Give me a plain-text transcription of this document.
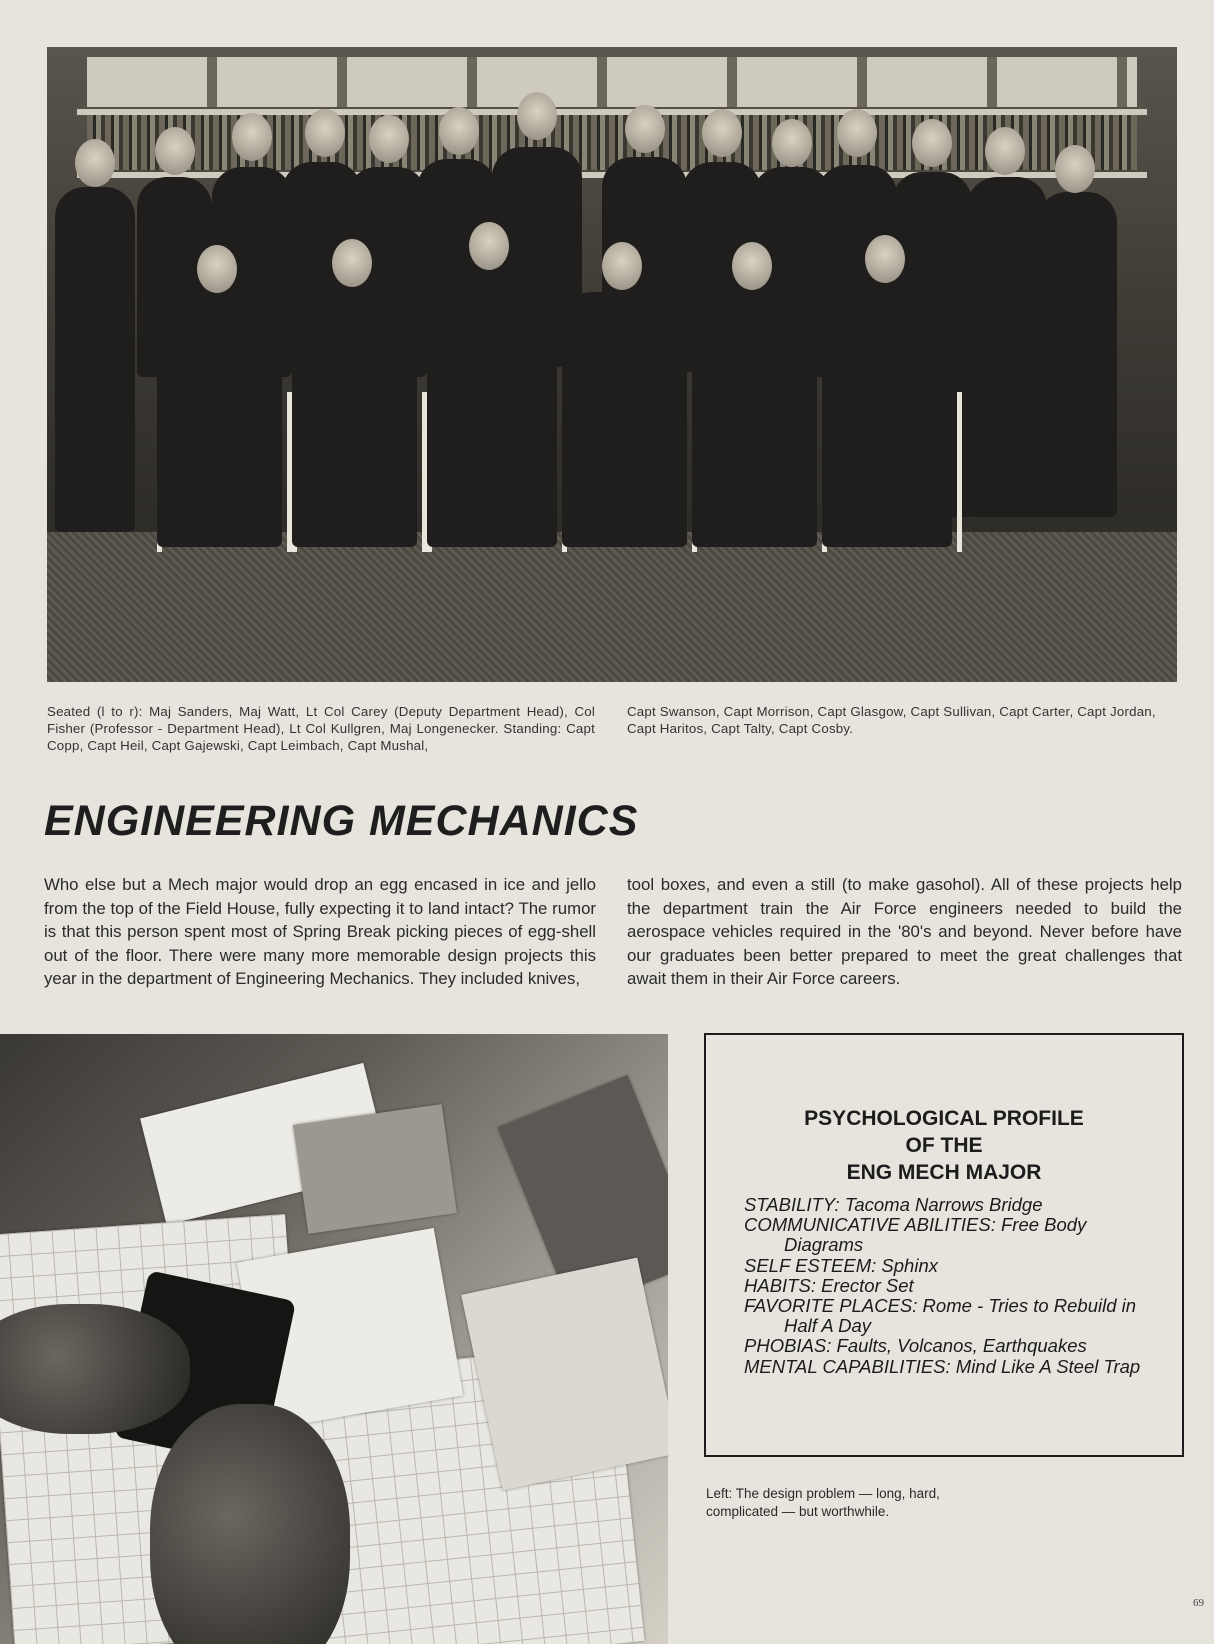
Seated (l to r): Maj Sanders, Maj Watt, Lt Col Carey (Deputy Department Head), Col Fisher (Professor - Department Head), Lt Col Kullgren, Maj Longenecker. Standing: Capt Copp, Capt Heil, Capt Gajewski, Capt Leimbach, Capt Mushal,
Capt Swanson, Capt Morrison, Capt Glasgow, Capt Sullivan, Capt Carter, Capt Jordan, Capt Haritos, Capt Talty, Capt Cosby.
ENGINEERING MECHANICS
Who else but a Mech major would drop an egg encased in ice and jello from the top of the Field House, fully expecting it to land intact? The rumor is that this person spent most of Spring Break picking pieces of egg-shell out of the floor. There were many more memorable design projects this year in the department of Engineering Mechanics. They included knives,
tool boxes, and even a still (to make gasohol). All of these projects help the department train the Air Force engineers needed to build the aerospace vehicles required in the '80's and beyond. Never before have our graduates been better prepared to meet the great challenges that await them in their Air Force careers.
PSYCHOLOGICAL PROFILE
OF THE
ENG MECH MAJOR
STABILITY: Tacoma Narrows Bridge
COMMUNICATIVE ABILITIES: Free Body Diagrams
SELF ESTEEM: Sphinx
HABITS: Erector Set
FAVORITE PLACES: Rome - Tries to Rebuild in Half A Day
PHOBIAS: Faults, Volcanos, Earthquakes
MENTAL CAPABILITIES: Mind Like A Steel Trap
Left: The design problem — long, hard, complicated — but worthwhile.
69
